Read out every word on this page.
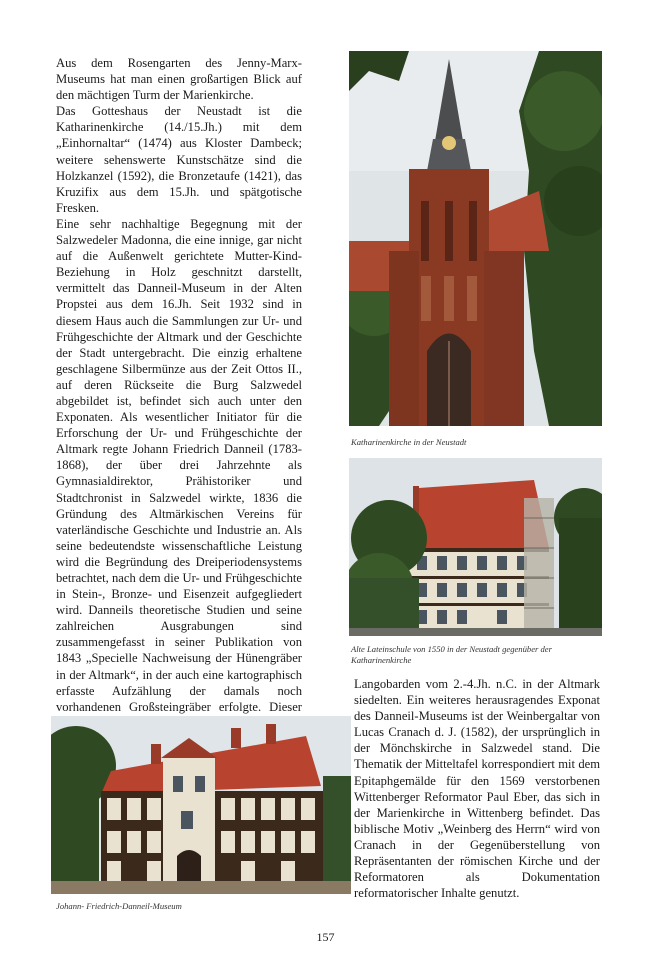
Aus dem Rosengarten des Jenny-Marx-Museums hat man einen großartigen Blick auf den mächtigen Turm der Marienkirche.

Das Gotteshaus der Neustadt ist die Katharinenkirche (14./15.Jh.) mit dem „Einhornaltar“ (1474) aus Kloster Dambeck; weitere sehenswerte Kunstschätze sind die Holzkanzel (1592), die Bronzetaufe (1421), das Kruzifix aus dem 15.Jh. und spätgotische Fresken.

Eine sehr nachhaltige Begegnung mit der Salzwedeler Madonna, die eine innige, gar nicht auf die Außenwelt gerichtete Mutter-Kind-Beziehung in Holz geschnitzt darstellt, vermittelt das Danneil-Museum in der Alten Propstei aus dem 16.Jh. Seit 1932 sind in diesem Haus auch die Sammlungen zur Ur- und Frühgeschichte der Altmark und der Geschichte der Stadt untergebracht. Die einzig erhaltene geschlagene Silbermünze aus der Zeit Ottos II., auf deren Rückseite die Burg Salzwedel abgebildet ist, befindet sich auch unter den Exponaten. Als wesentlicher Initiator für die Erforschung der Ur- und Frühgeschichte der Altmark regte Johann Friedrich Danneil (1783-1868), der über drei Jahrzehnte als Gymnasialdirektor, Prähistoriker und Stadtchronist in Salzwedel wirkte, 1836 die Gründung des Altmärkischen Vereins für vaterländische Geschichte und Industrie an. Als seine bedeutendste wissenschaftliche Leistung wird die Begründung des Dreiperiodensystems betrachtet, nach dem die Ur- und Frühgeschichte in Stein-, Bronze- und Eisenzeit aufgegliedert wird. Danneils theoretische Studien und seine zahlreichen Ausgrabungen sind zusammengefasst in seiner Publikation von 1843 „Specielle Nachweisung der Hünengräber in der Altmark“, in der auch eine kartographisch erfasste Aufzählung der damals noch vorhandenen Großsteingräber erfolgte. Dieser

Katharinenkirche in der Neustadt
Alte Lateinschule von 1550 in der Neustadt gegenüber der Katharinenkirche

Langobarden vom 2.-4.Jh. n.C. in der Altmark siedelten. Ein weiteres herausragendes Exponat des Danneil-Museums ist der Weinbergaltar von Lucas Cranach d. J. (1582), der ursprünglich in der Mönchskirche in Salzwedel stand. Die Thematik der Mitteltafel korrespondiert mit dem Epitaphgemälde für den 1569 verstorbenen Wittenberger Reformator Paul Eber, das sich in der Marienkirche in Wittenberg befindet. Das biblische Motiv „Weinberg des Herrn“ wird von Cranach in der Gegenüberstellung von Repräsentanten der römischen Kirche und der Reformatoren als Dokumentation reformatorischer Inhalte genutzt.

Johann- Friedrich-Danneil-Museum
157
